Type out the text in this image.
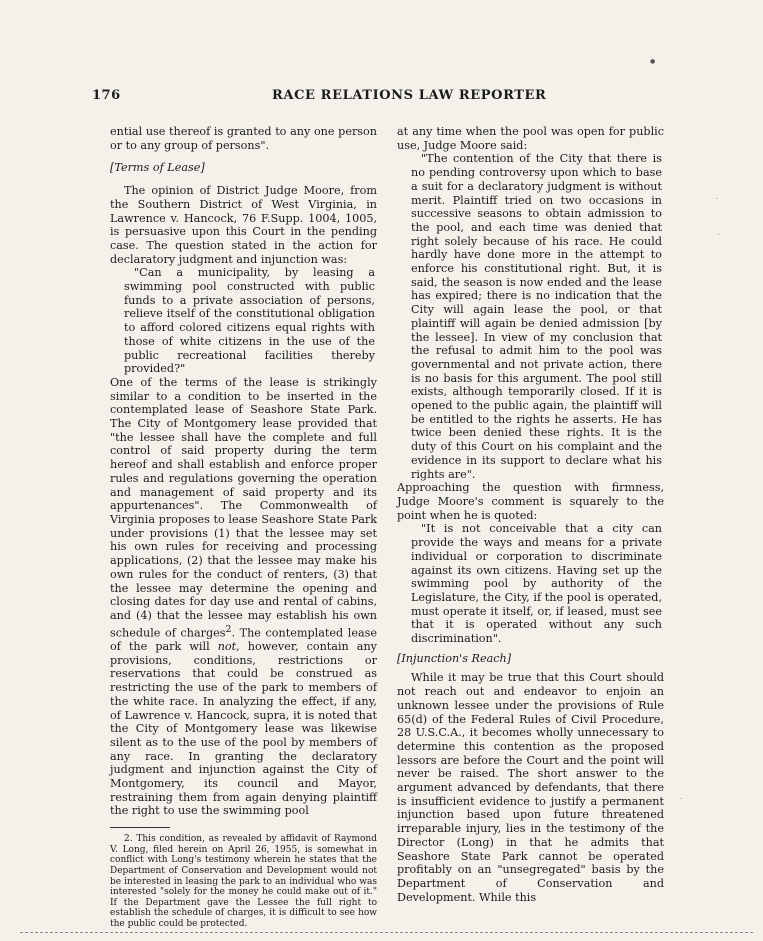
176	RACE RELATIONS LAW REPORTER

ential use thereof is granted to any one person or to any group of persons".

[Terms of Lease]

The opinion of District Judge Moore, from the Southern District of West Virginia, in Lawrence v. Hancock, 76 F.Supp. 1004, 1005, is persuasive upon this Court in the pending case. The question stated in the action for declaratory judgment and injunction was:

"Can a municipality, by leasing a swimming pool constructed with public funds to a private association of persons, relieve itself of the constitutional obligation to afford colored citizens equal rights with those of white citizens in the use of the public recreational facilities thereby provided?"

One of the terms of the lease is strikingly similar to a condition to be inserted in the contemplated lease of Seashore State Park. The City of Montgomery lease provided that "the lessee shall have the complete and full control of said property during the term hereof and shall establish and enforce proper rules and regulations governing the operation and management of said property and its appurtenances". The Commonwealth of Virginia proposes to lease Seashore State Park under provisions (1) that the lessee may set his own rules for receiving and processing applications, (2) that the lessee may make his own rules for the conduct of renters, (3) that the lessee may determine the opening and closing dates for day use and rental of cabins, and (4) that the lessee may establish his own schedule of charges$^2$. The contemplated lease of the park will not, however, contain any provisions, conditions, restrictions or reservations that could be construed as restricting the use of the park to members of the white race. In analyzing the effect, if any, of Lawrence v. Hancock, supra, it is noted that the City of Montgomery lease was likewise silent as to the use of the pool by members of any race. In granting the declaratory judgment and injunction against the City of Montgomery, its council and Mayor, restraining them from again denying plaintiff the right to use the swimming pool

2. This condition, as revealed by affidavit of Raymond V. Long, filed herein on April 26, 1955, is somewhat in conflict with Long's testimony wherein he states that the Department of Conservation and Development would not be interested in leasing the park to an individual who was interested "solely for the money he could make out of it." If the Department gave the Lessee the full right to establish the schedule of charges, it is difficult to see how the public could be protected.

at any time when the pool was open for public use, Judge Moore said:

"The contention of the City that there is no pending controversy upon which to base a suit for a declaratory judgment is without merit. Plaintiff tried on two occasions in successive seasons to obtain admission to the pool, and each time was denied that right solely because of his race. He could hardly have done more in the attempt to enforce his constitutional right. But, it is said, the season is now ended and the lease has expired; there is no indication that the City will again lease the pool, or that plaintiff will again be denied admission [by the lessee]. In view of my conclusion that the refusal to admit him to the pool was governmental and not private action, there is no basis for this argument. The pool still exists, although temporarily closed. If it is opened to the public again, the plaintiff will be entitled to the rights he asserts. He has twice been denied these rights. It is the duty of this Court on his complaint and the evidence in its support to declare what his rights are".

Approaching the question with firmness, Judge Moore's comment is squarely to the point when he is quoted:

"It is not conceivable that a city can provide the ways and means for a private individual or corporation to discriminate against its own citizens. Having set up the swimming pool by authority of the Legislature, the City, if the pool is operated, must operate it itself, or, if leased, must see that it is operated without any such discrimination".

[Injunction's Reach]

While it may be true that this Court should not reach out and endeavor to enjoin an unknown lessee under the provisions of Rule 65(d) of the Federal Rules of Civil Procedure, 28 U.S.C.A., it becomes wholly unnecessary to determine this contention as the proposed lessors are before the Court and the point will never be raised. The short answer to the argument advanced by defendants, that there is insufficient evidence to justify a permanent injunction based upon future threatened irreparable injury, lies in the testimony of the Director (Long) in that he admits that Seashore State Park cannot be operated profitably on an "unsegregated" basis by the Department of Conservation and Development. While this

●
·
·
·
